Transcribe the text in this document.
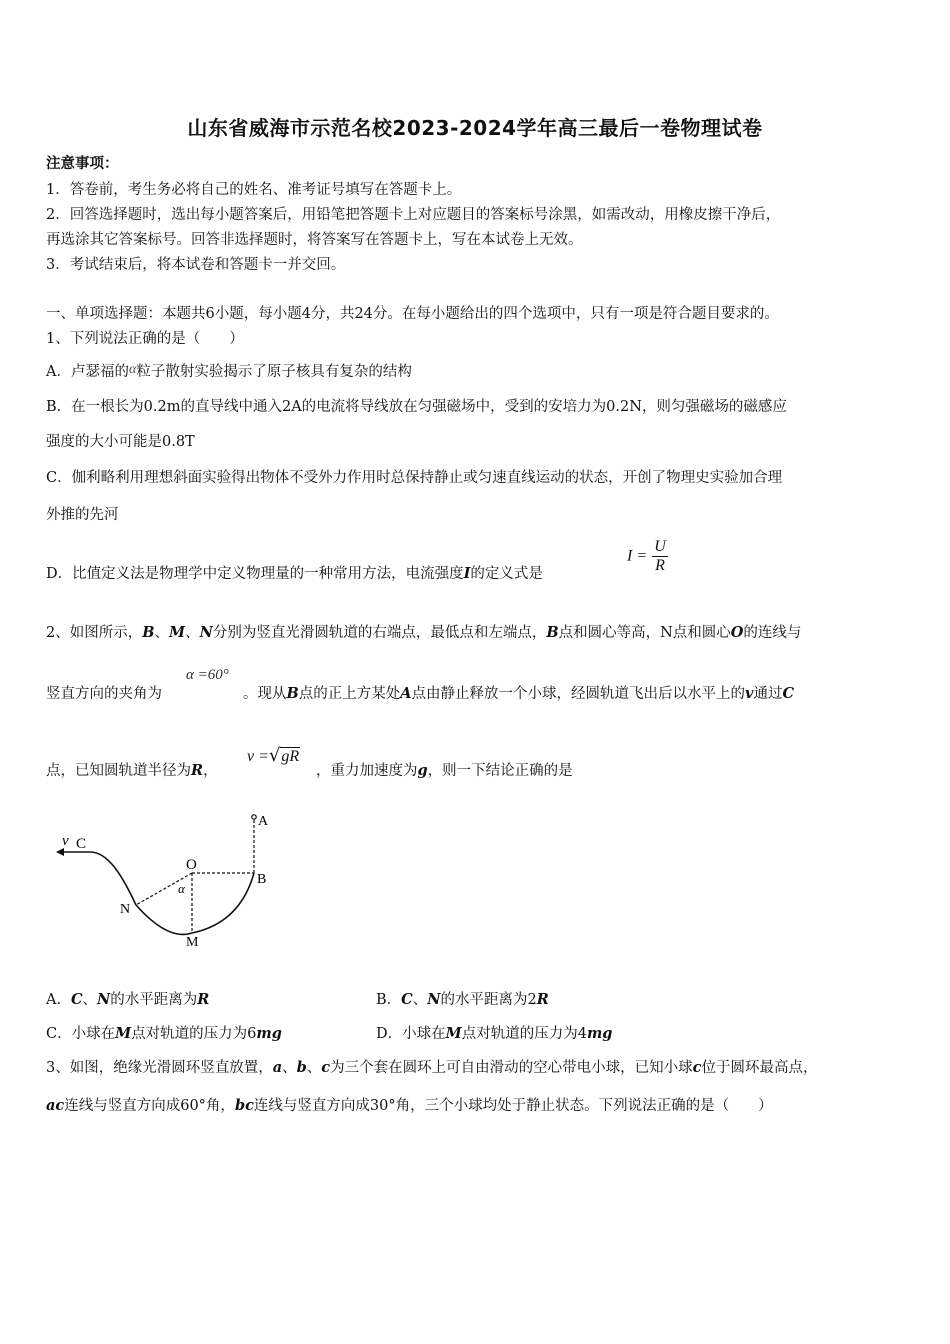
山东省威海市示范名校2023-2024学年高三最后一卷物理试卷
注意事项：
1．答卷前，考生务必将自己的姓名、准考证号填写在答题卡上。
2．回答选择题时，选出每小题答案后，用铅笔把答题卡上对应题目的答案标号涂黑，如需改动，用橡皮擦干净后，
再选涂其它答案标号。回答非选择题时，将答案写在答题卡上，写在本试卷上无效。
3．考试结束后，将本试卷和答题卡一并交回。
一、单项选择题：本题共6小题，每小题4分，共24分。在每小题给出的四个选项中，只有一项是符合题目要求的。
1、下列说法正确的是（　　）
A．卢瑟福的α粒子散射实验揭示了原子核具有复杂的结构
B．在一根长为0.2m的直导线中通入2A的电流将导线放在匀强磁场中，受到的安培力为0.2N，则匀强磁场的磁感应
强度的大小可能是0.8T
C．伽利略利用理想斜面实验得出物体不受外力作用时总保持静止或匀速直线运动的状态，开创了物理史实验加合理
外推的先河
D．比值定义法是物理学中定义物理量的一种常用方法，电流强度I的定义式是
$I = \frac{U}{R}$
2、如图所示，B、M、N分别为竖直光滑圆轨道的右端点，最低点和左端点，B点和圆心等高，N点和圆心O的连线与
竖直方向的夹角为
α =60°
。现从B点的正上方某处A点由静止释放一个小球，经圆轨道飞出后以水平上的v通过C
点，已知圆轨道半径为R，
v =√gR
，重力加速度为g，则一下结论正确的是
v C
A
O
B
N
α
M
A．C、N的水平距离为R	B．C、N的水平距离为2R
C．小球在M点对轨道的压力为6mg	D．小球在M点对轨道的压力为4mg
3、如图，绝缘光滑圆环竖直放置，a、b、c为三个套在圆环上可自由滑动的空心带电小球，已知小球c位于圆环最高点，
ac连线与竖直方向成60°角，bc连线与竖直方向成30°角，三个小球均处于静止状态。下列说法正确的是（　　）
